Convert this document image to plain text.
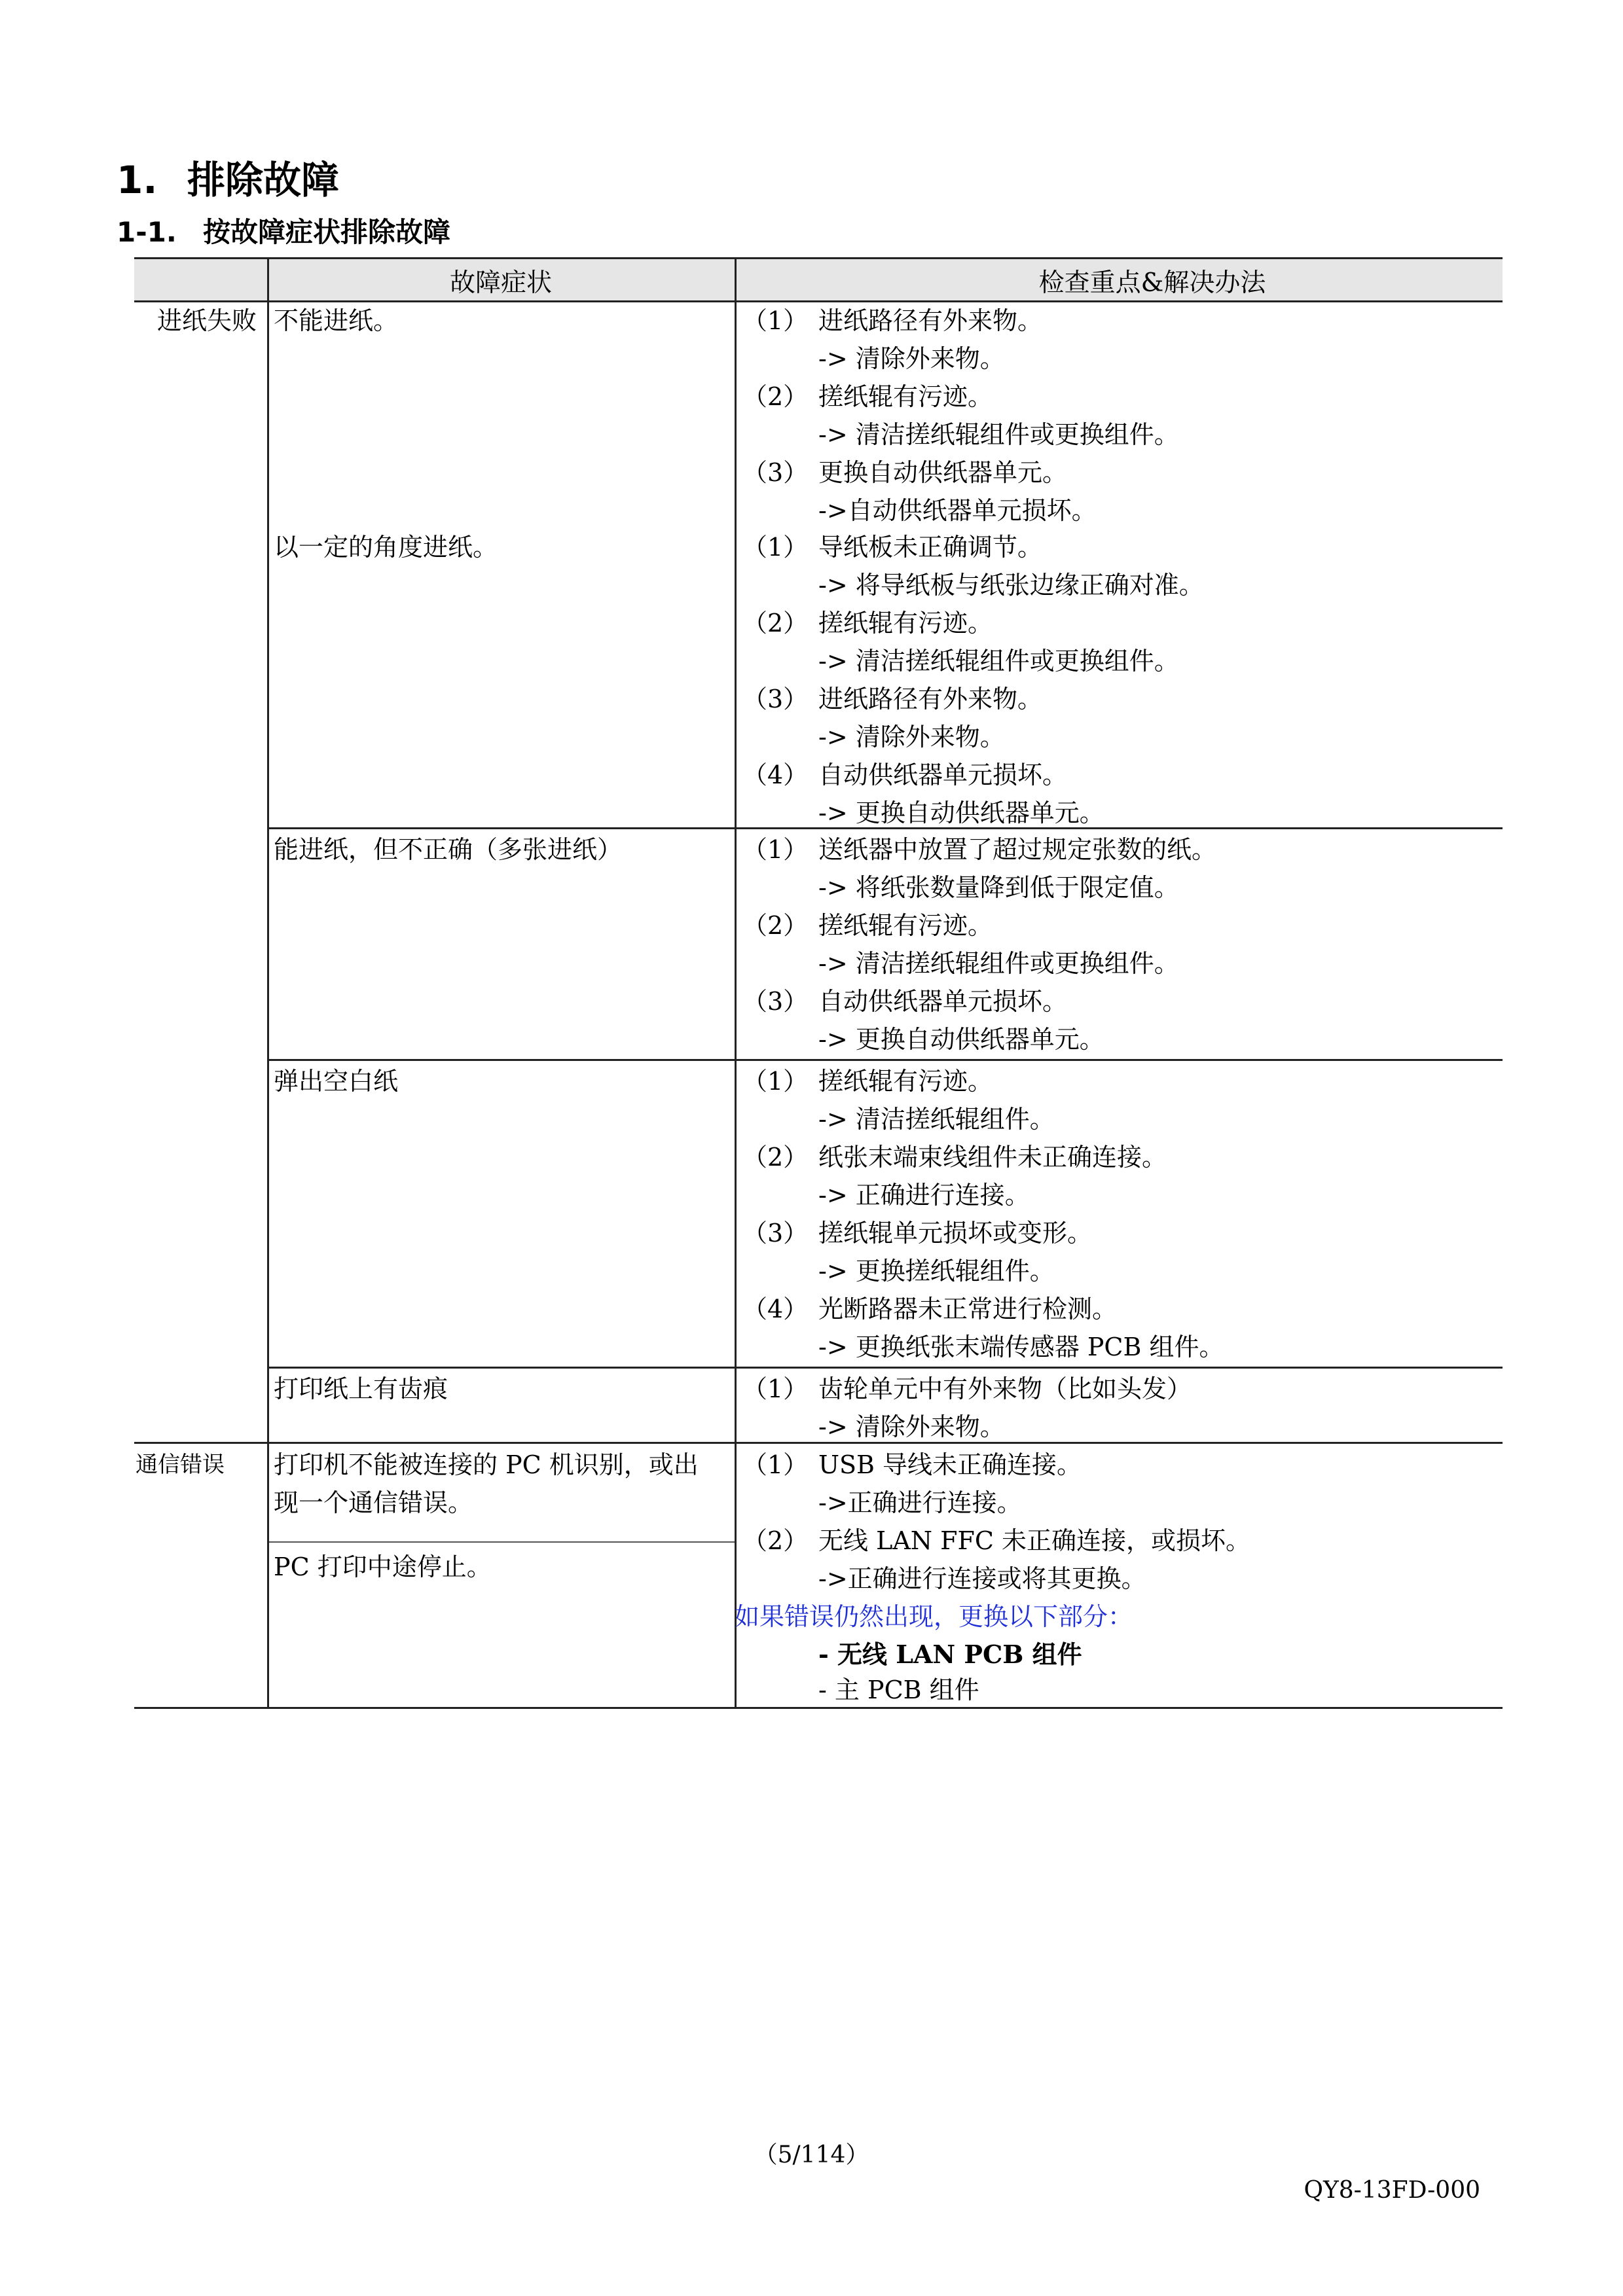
1. 排除故障
1-1. 按故障症状排除故障
故障症状	检查重点&解决办法
进纸失败
通信错误
不能进纸。
以一定的角度进纸。
能进纸，但不正确（多张进纸）
弹出空白纸
打印纸上有齿痕
打印机不能被连接的 PC 机识别，或出
现一个通信错误。
PC 打印中途停止。
（1） 进纸路径有外来物。
-> 清除外来物。
（2） 搓纸辊有污迹。
-> 清洁搓纸辊组件或更换组件。
（3） 更换自动供纸器单元。
->自动供纸器单元损坏。
（1） 导纸板未正确调节。
-> 将导纸板与纸张边缘正确对准。
（2） 搓纸辊有污迹。
-> 清洁搓纸辊组件或更换组件。
（3） 进纸路径有外来物。
-> 清除外来物。
（4） 自动供纸器单元损坏。
-> 更换自动供纸器单元。
（1） 送纸器中放置了超过规定张数的纸。
-> 将纸张数量降到低于限定值。
（2） 搓纸辊有污迹。
-> 清洁搓纸辊组件或更换组件。
（3） 自动供纸器单元损坏。
-> 更换自动供纸器单元。
（1） 搓纸辊有污迹。
-> 清洁搓纸辊组件。
（2） 纸张末端束线组件未正确连接。
-> 正确进行连接。
（3） 搓纸辊单元损坏或变形。
-> 更换搓纸辊组件。
（4） 光断路器未正常进行检测。
-> 更换纸张末端传感器 PCB 组件。
（1） 齿轮单元中有外来物（比如头发）
-> 清除外来物。
（1） USB 导线未正确连接。
->正确进行连接。
（2） 无线 LAN FFC 未正确连接，或损坏。
->正确进行连接或将其更换。
如果错误仍然出现，更换以下部分：
- 无线 LAN PCB 组件
- 主 PCB 组件
（5/114）
QY8-13FD-000
